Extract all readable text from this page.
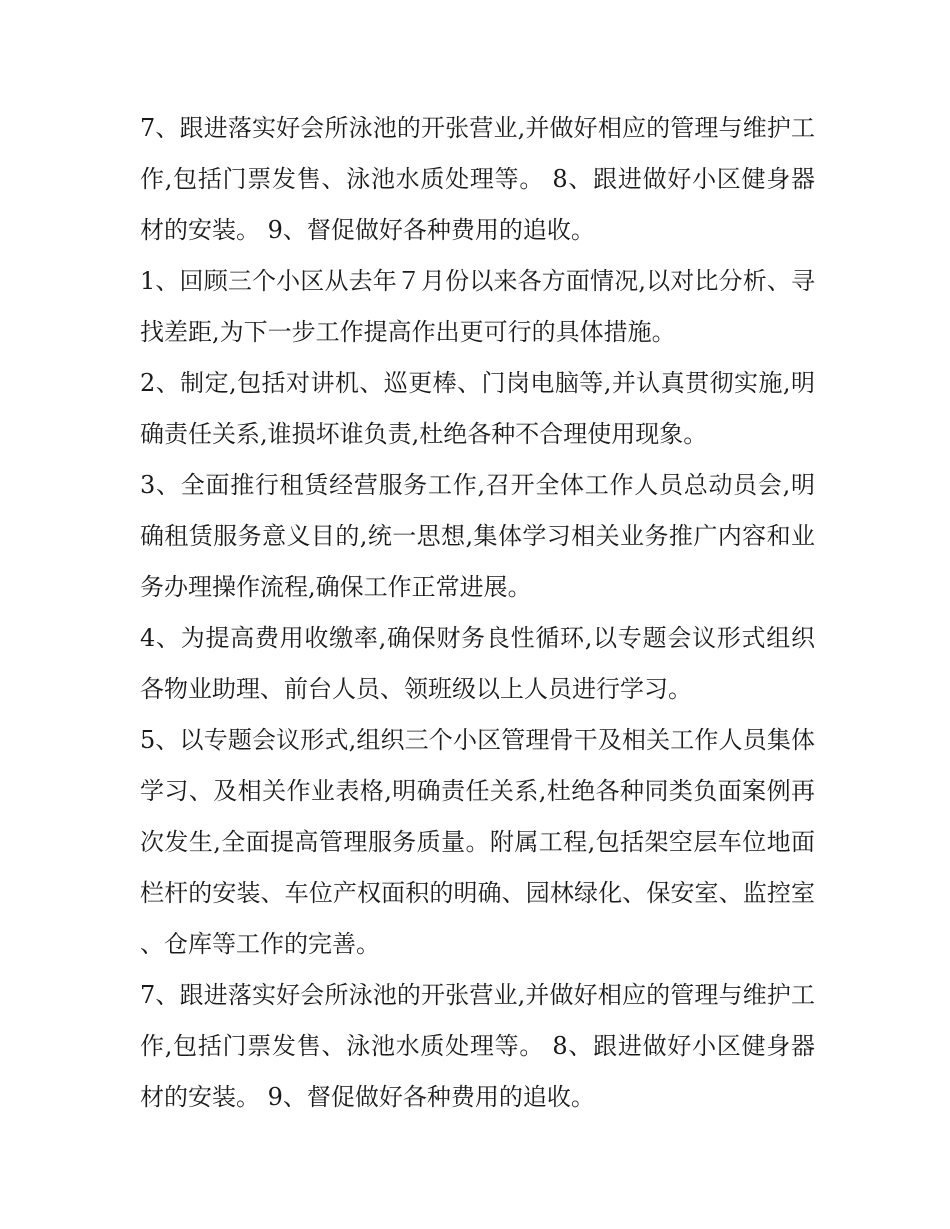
7、跟进落实好会所泳池的开张营业,并做好相应的管理与维护工作,包括门票发售、泳池水质处理等。 8、跟进做好小区健身器材的安装。 9、督促做好各种费用的追收。

1、回顾三个小区从去年７月份以来各方面情况,以对比分析、寻找差距,为下一步工作提高作出更可行的具体措施。

2、制定,包括对讲机、巡更棒、门岗电脑等,并认真贯彻实施,明确责任关系,谁损坏谁负责,杜绝各种不合理使用现象。

3、全面推行租赁经营服务工作,召开全体工作人员总动员会,明确租赁服务意义目的,统一思想,集体学习相关业务推广内容和业务办理操作流程,确保工作正常进展。

4、为提高费用收缴率,确保财务良性循环,以专题会议形式组织各物业助理、前台人员、领班级以上人员进行学习。

5、以专题会议形式,组织三个小区管理骨干及相关工作人员集体学习、及相关作业表格,明确责任关系,杜绝各种同类负面案例再次发生,全面提高管理服务质量。附属工程,包括架空层车位地面栏杆的安装、车位产权面积的明确、园林绿化、保安室、监控室、仓库等工作的完善。

7、跟进落实好会所泳池的开张营业,并做好相应的管理与维护工作,包括门票发售、泳池水质处理等。 8、跟进做好小区健身器材的安装。 9、督促做好各种费用的追收。
